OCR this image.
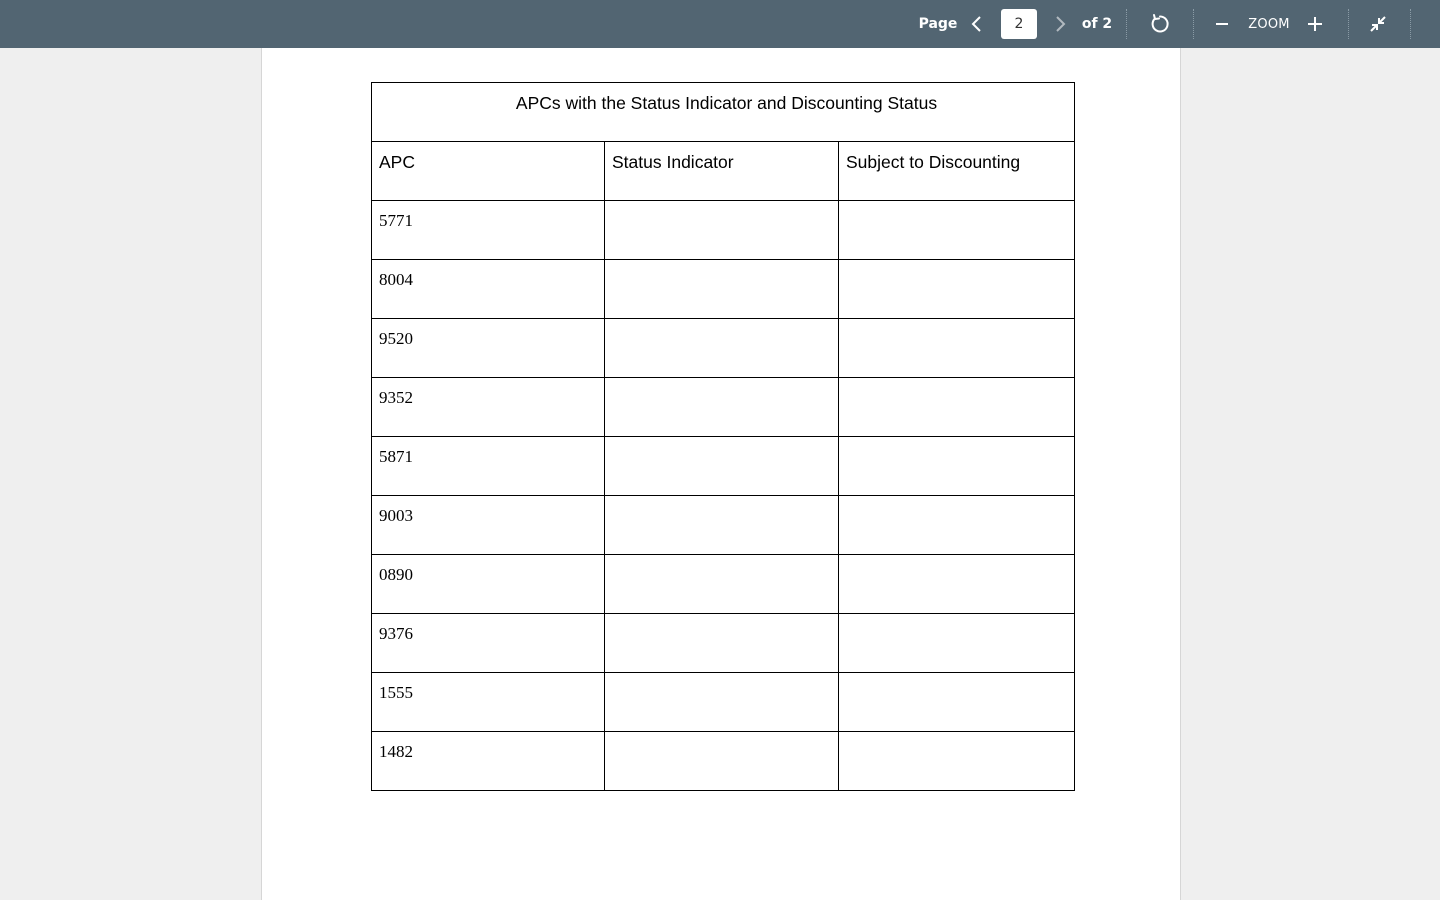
Page
2	of 2	ZOOM
APCs with the Status Indicator and Discounting Status		

APC	Status Indicator	Subject to Discounting

5771		

8004		

9520		

9352		

5871		

9003		

0890		

9376		

1555		

1482		
